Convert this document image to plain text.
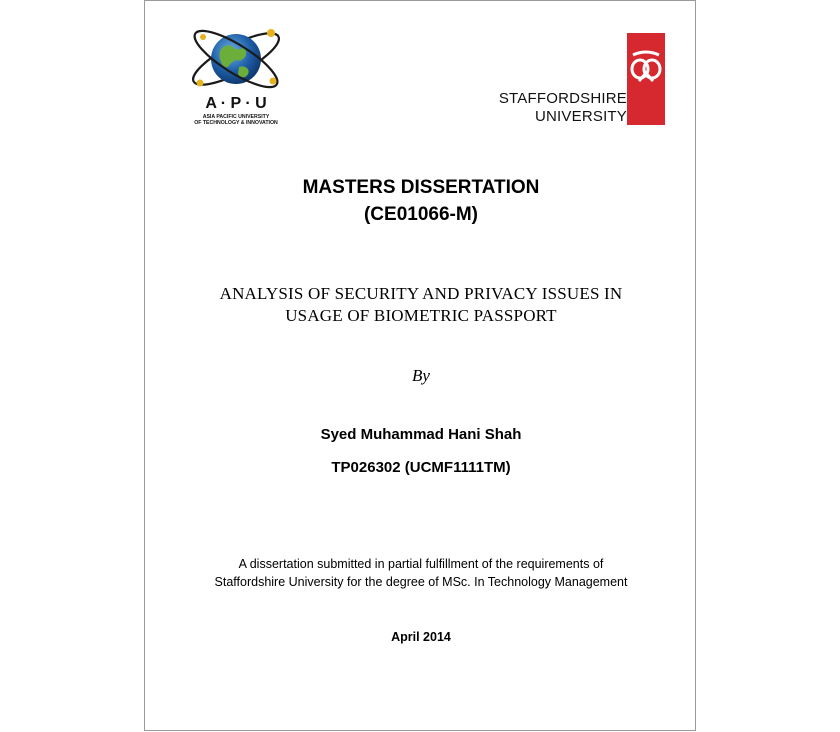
A · P · U
ASIA PACIFIC UNIVERSITY
OF TECHNOLOGY & INNOVATION
STAFFORDSHIRE
UNIVERSITY
MASTERS DISSERTATION
(CE01066-M)
ANALYSIS OF SECURITY AND PRIVACY ISSUES IN
USAGE OF BIOMETRIC PASSPORT
By
Syed Muhammad Hani Shah
TP026302 (UCMF1111TM)
A dissertation submitted in partial fulfillment of the requirements of
Staffordshire University for the degree of MSc. In Technology Management
April 2014
